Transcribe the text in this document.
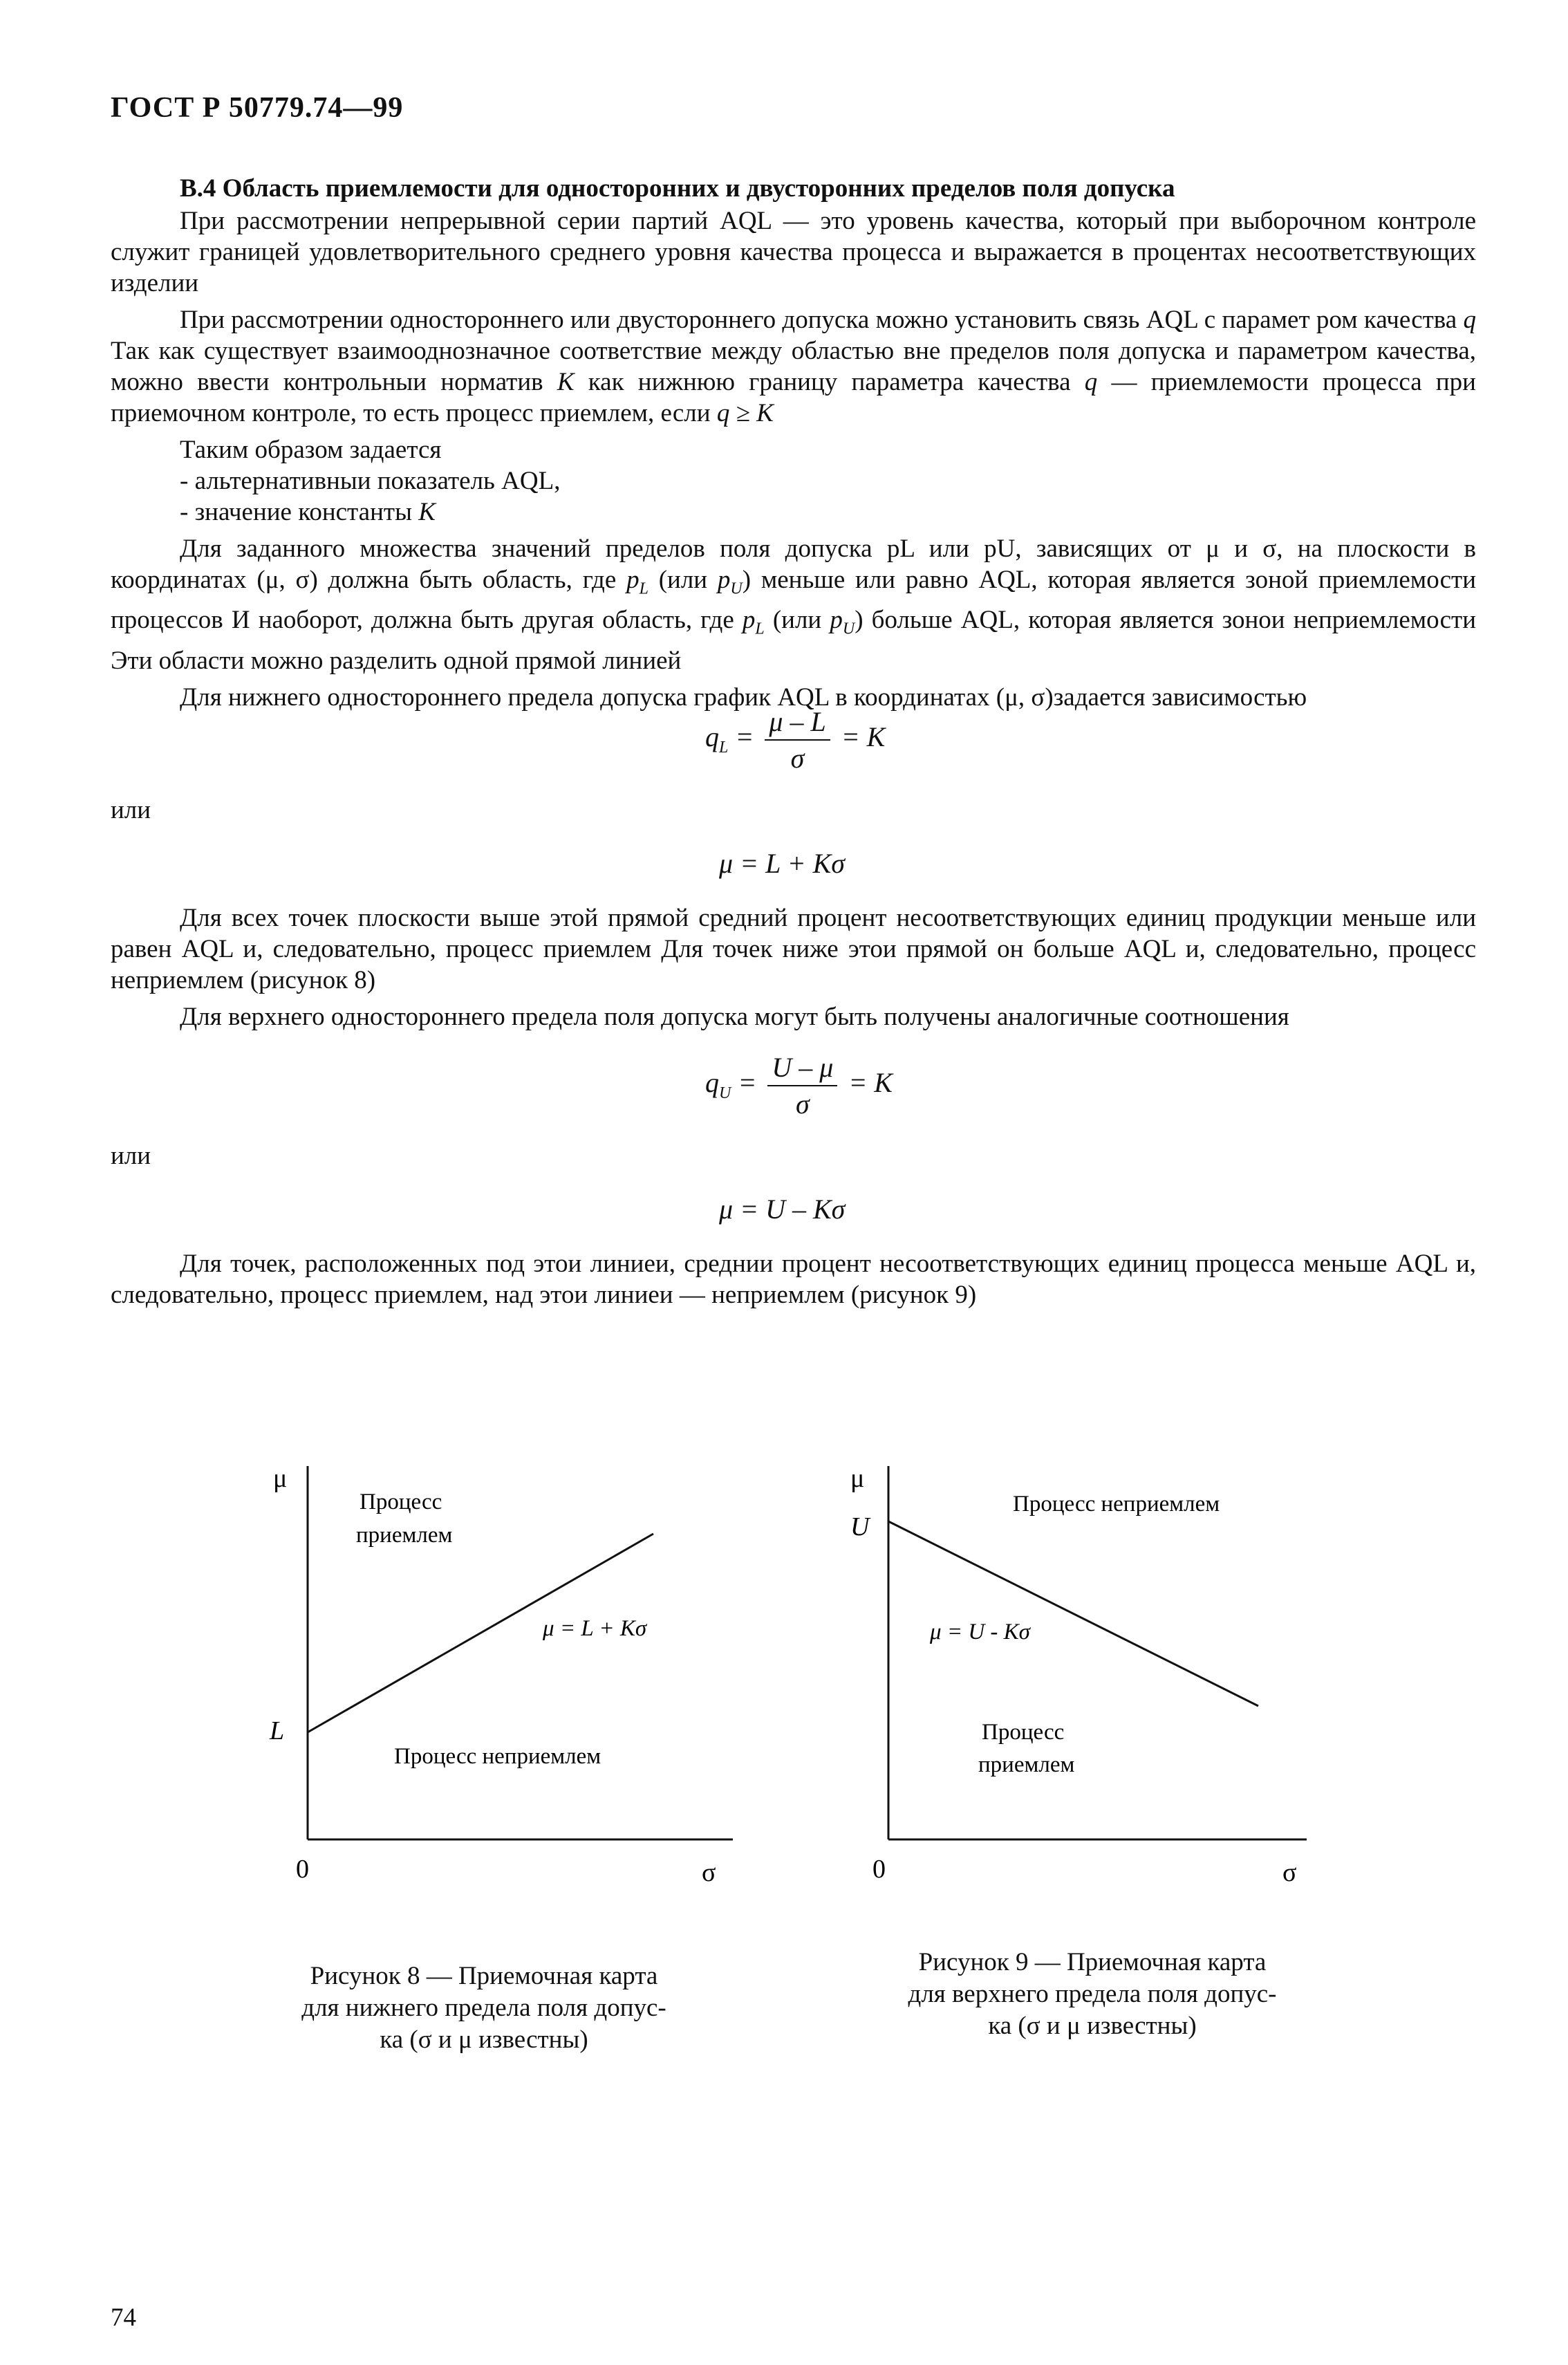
ГОСТ Р 50779.74—99
В.4 Область приемлемости для односторонних и двусторонних пределов поля допуска

При рассмотрении непрерывной серии партий AQL — это уровень качества, который при выборочном контроле служит границей удовлетворительного среднего уровня качества процесса и выражается в процентах несоответствующих изделии

При рассмотрении одностороннего или двустороннего допуска можно установить связь AQL с парамет ром качества q Так как существует взаимооднозначное соответствие между областью вне пределов поля допуска и параметром качества, можно ввести контрольныи норматив K как нижнюю границу параметра качества q — приемлемости процесса при приемочном контроле, то есть процесс приемлем, если q ≥ K

Таким образом задается

- альтернативныи показатель AQL,

- значение константы K

Для заданного множества значений пределов поля допуска pL или pU, зависящих от μ и σ, на плоскости в координатах (μ, σ) должна быть область, где $p_L$ (или $p_U$) меньше или равно AQL, которая является зоной приемлемости процессов И наоборот, должна быть другая область, где $p_L$ (или $p_U$) больше AQL, которая является зонои неприемлемости Эти области можно раздeлить одной прямой линией

Для нижнего одностороннего предела допуска график AQL в координатах (μ, σ)задается зависимостью

$q_L = \frac{\mu - L}{\sigma} = K$
или
μ = L + Kσ

Для всех точек плоскости выше этой прямой средний процент несоответствующих единиц продукции меньше или равен AQL и, следовательно, процесс приемлем Для точек ниже этои прямой он больше AQL и, следовательно, процесс неприемлем (рисунок 8)

Для верхнего одностороннего предела поля допуска могут быть получены аналогичные соотношения

$q_U = \frac{U - \mu}{\sigma} = K$
или
μ = U – Kσ

Для точек, расположенных под этои линиеи, среднии процент несоответствующих единиц процесса меньше AQL и, следовательно, процесс приемлем, над этои линиеи — неприемлем (рисунок 9)

μ
L
0	σ
Процесс
приемлем
μ = L + Kσ
Процесс неприемлем
Рисунок 8 — Приемочная карта
для нижнего предела поля допус-
ка (σ и μ известны)
μ
U
0	σ
Процесс неприемлем
μ = U - Kσ
Процесс
приемлем
Рисунок 9 — Приемочная карта
для верхнего предела поля допус-
ка (σ и μ известны)
74
